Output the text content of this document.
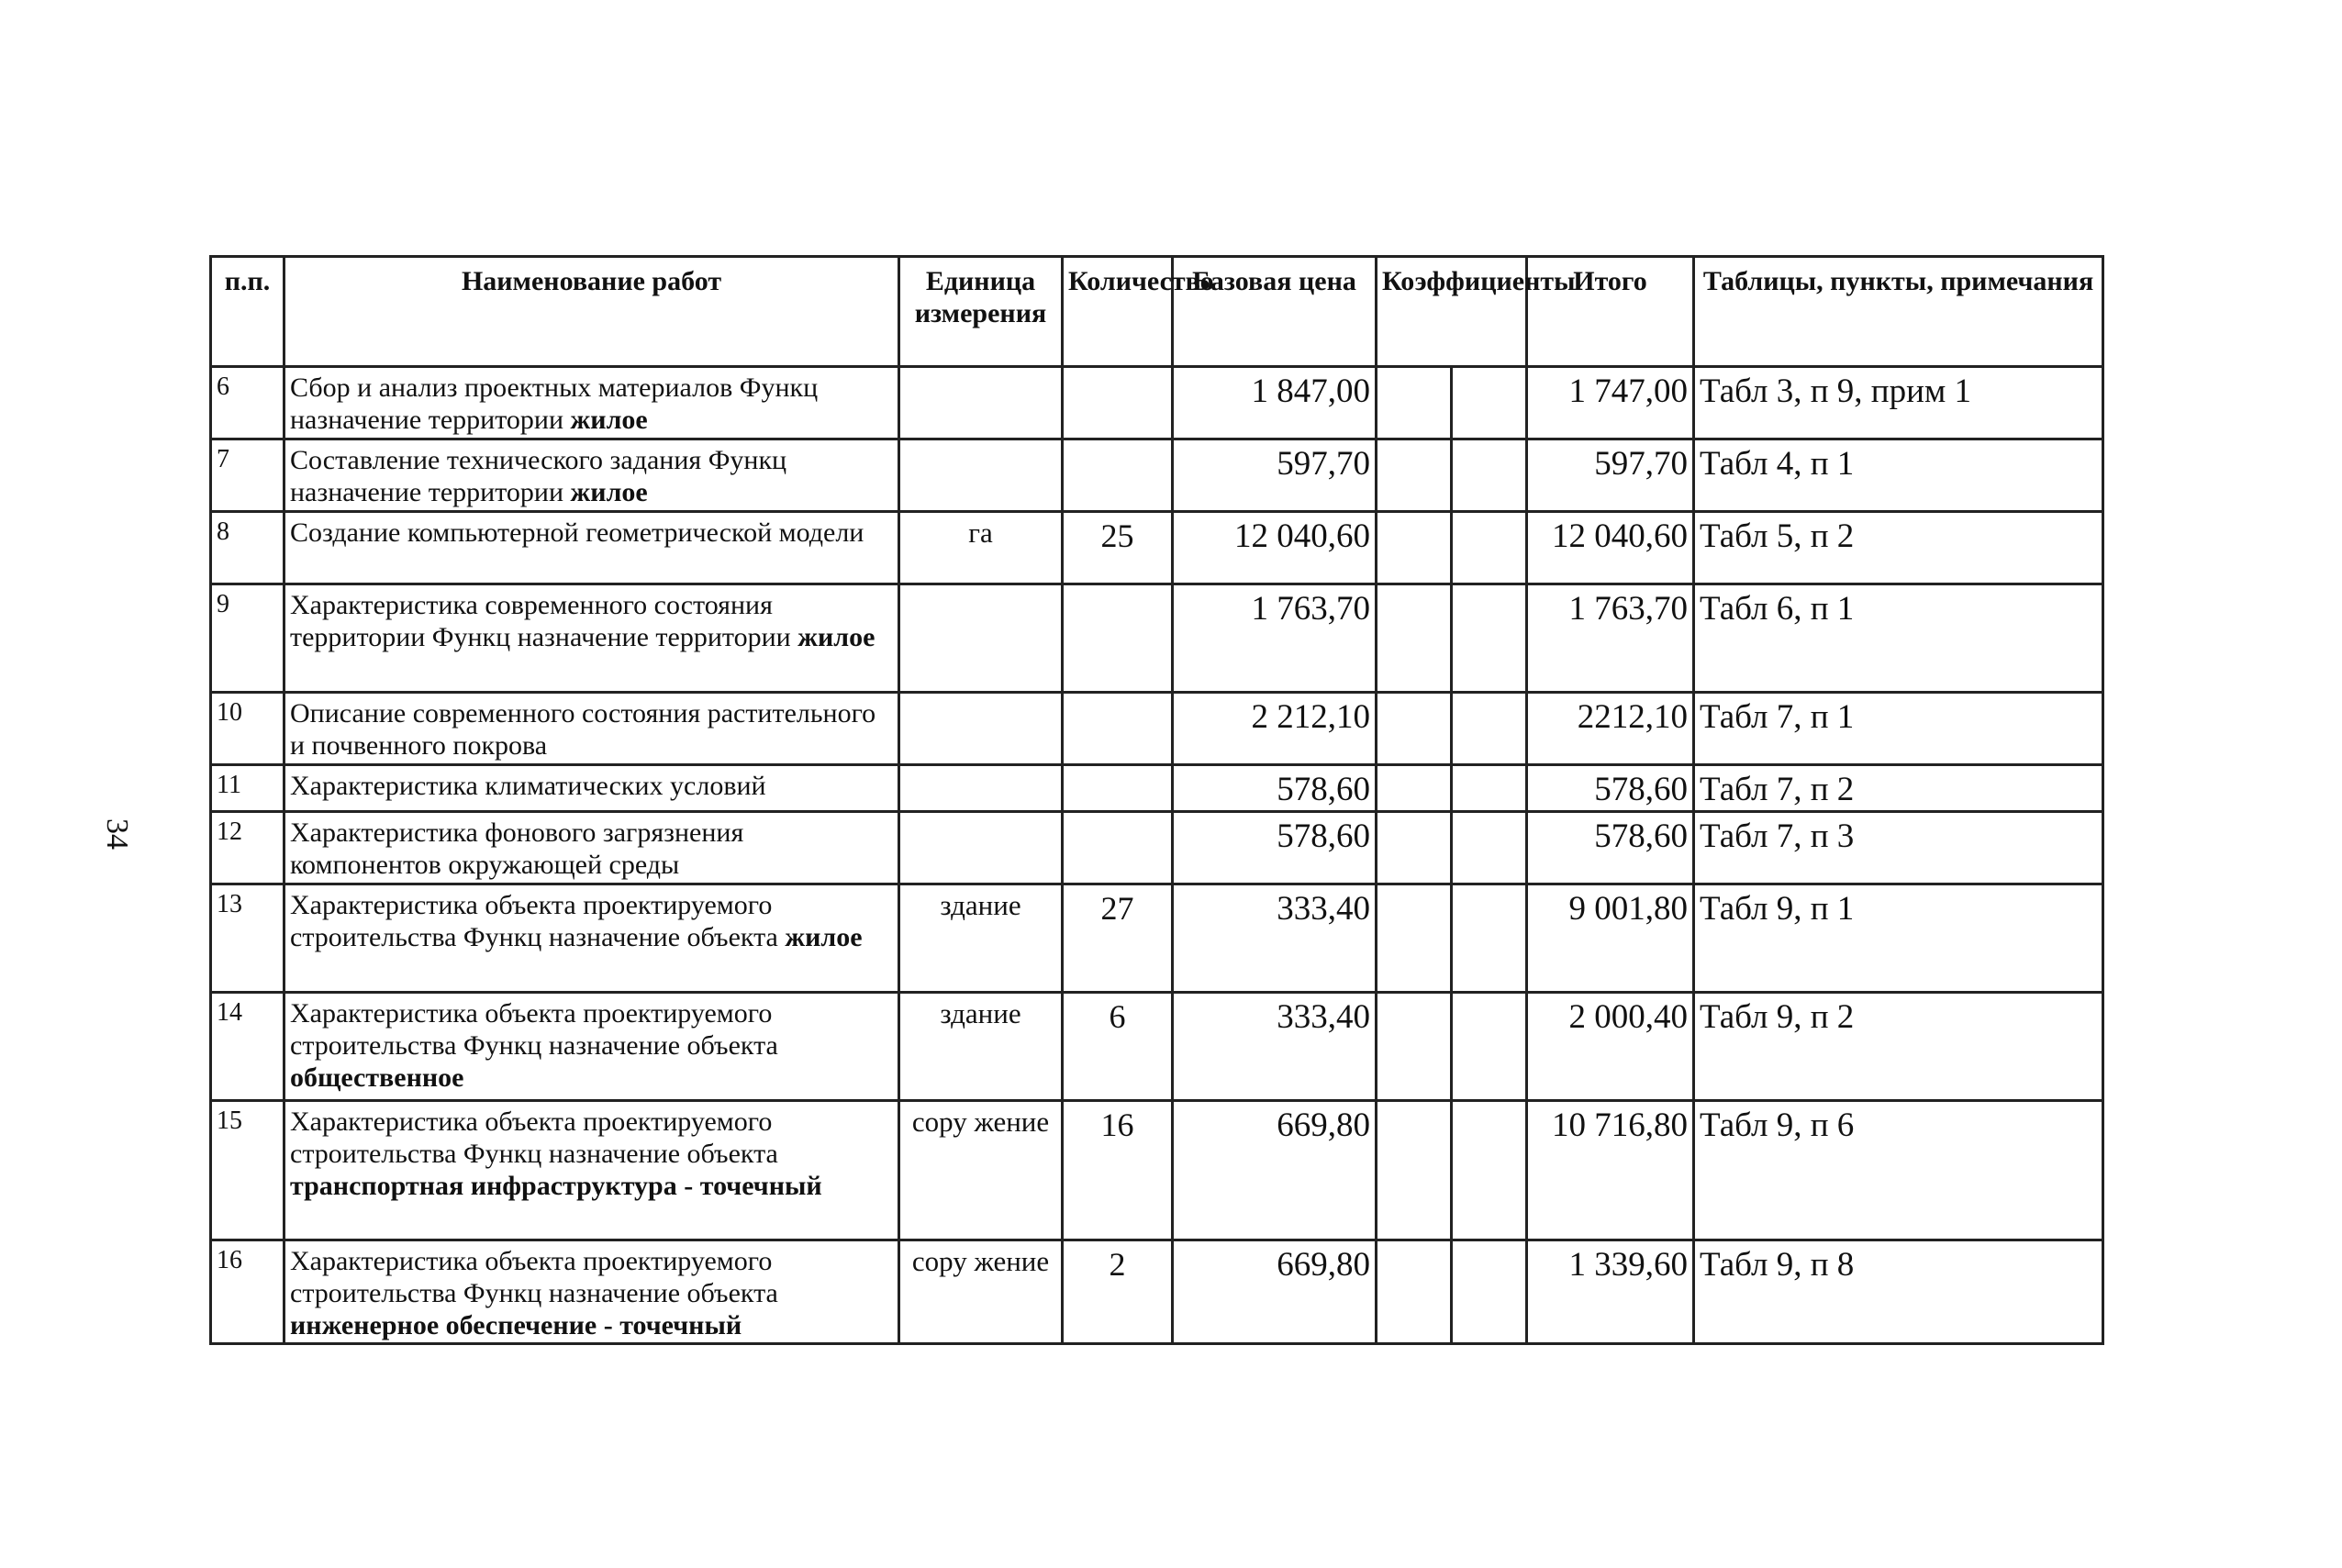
34
п.п.	Наименование работ	Единица измерения	Количество	Базовая цена	Коэффициенты		Итого	Таблицы, пункты, примечания
6	Сбор и анализ проектных материалов Функц назначение территории жилое			1 847,00			1 747,00	Табл 3, п 9, прим 1
7	Составление технического задания Функц назначение территории жилое			597,70			597,70	Табл 4, п 1
8	Создание компьютерной геометрической модели	га	25	12 040,60			12 040,60	Табл 5, п 2
9	Характеристика современного состояния территории Функц назначение территории жилое			1 763,70			1 763,70	Табл 6, п 1
10	Описание современного состояния растительного и почвенного покрова			2 212,10			2212,10	Табл 7, п 1
11	Характеристика климатических условий			578,60			578,60	Табл 7, п 2
12	Характеристика фонового загрязнения компонентов окружающей среды			578,60			578,60	Табл 7, п 3
13	Характеристика объекта проектируемого строительства Функц назначение объекта жилое	здание	27	333,40			9 001,80	Табл 9, п 1
14	Характеристика объекта проектируемого строительства Функц назначение объекта общественное	здание	6	333,40			2 000,40	Табл 9, п 2
15	Характеристика объекта проектируемого строительства Функц назначение объекта транспортная инфраструктура - точечный	сору жение	16	669,80			10 716,80	Табл 9, п 6
16	Характеристика объекта проектируемого строительства Функц назначение объекта инженерное обеспечение - точечный	сору жение	2	669,80			1 339,60	Табл 9, п 8
